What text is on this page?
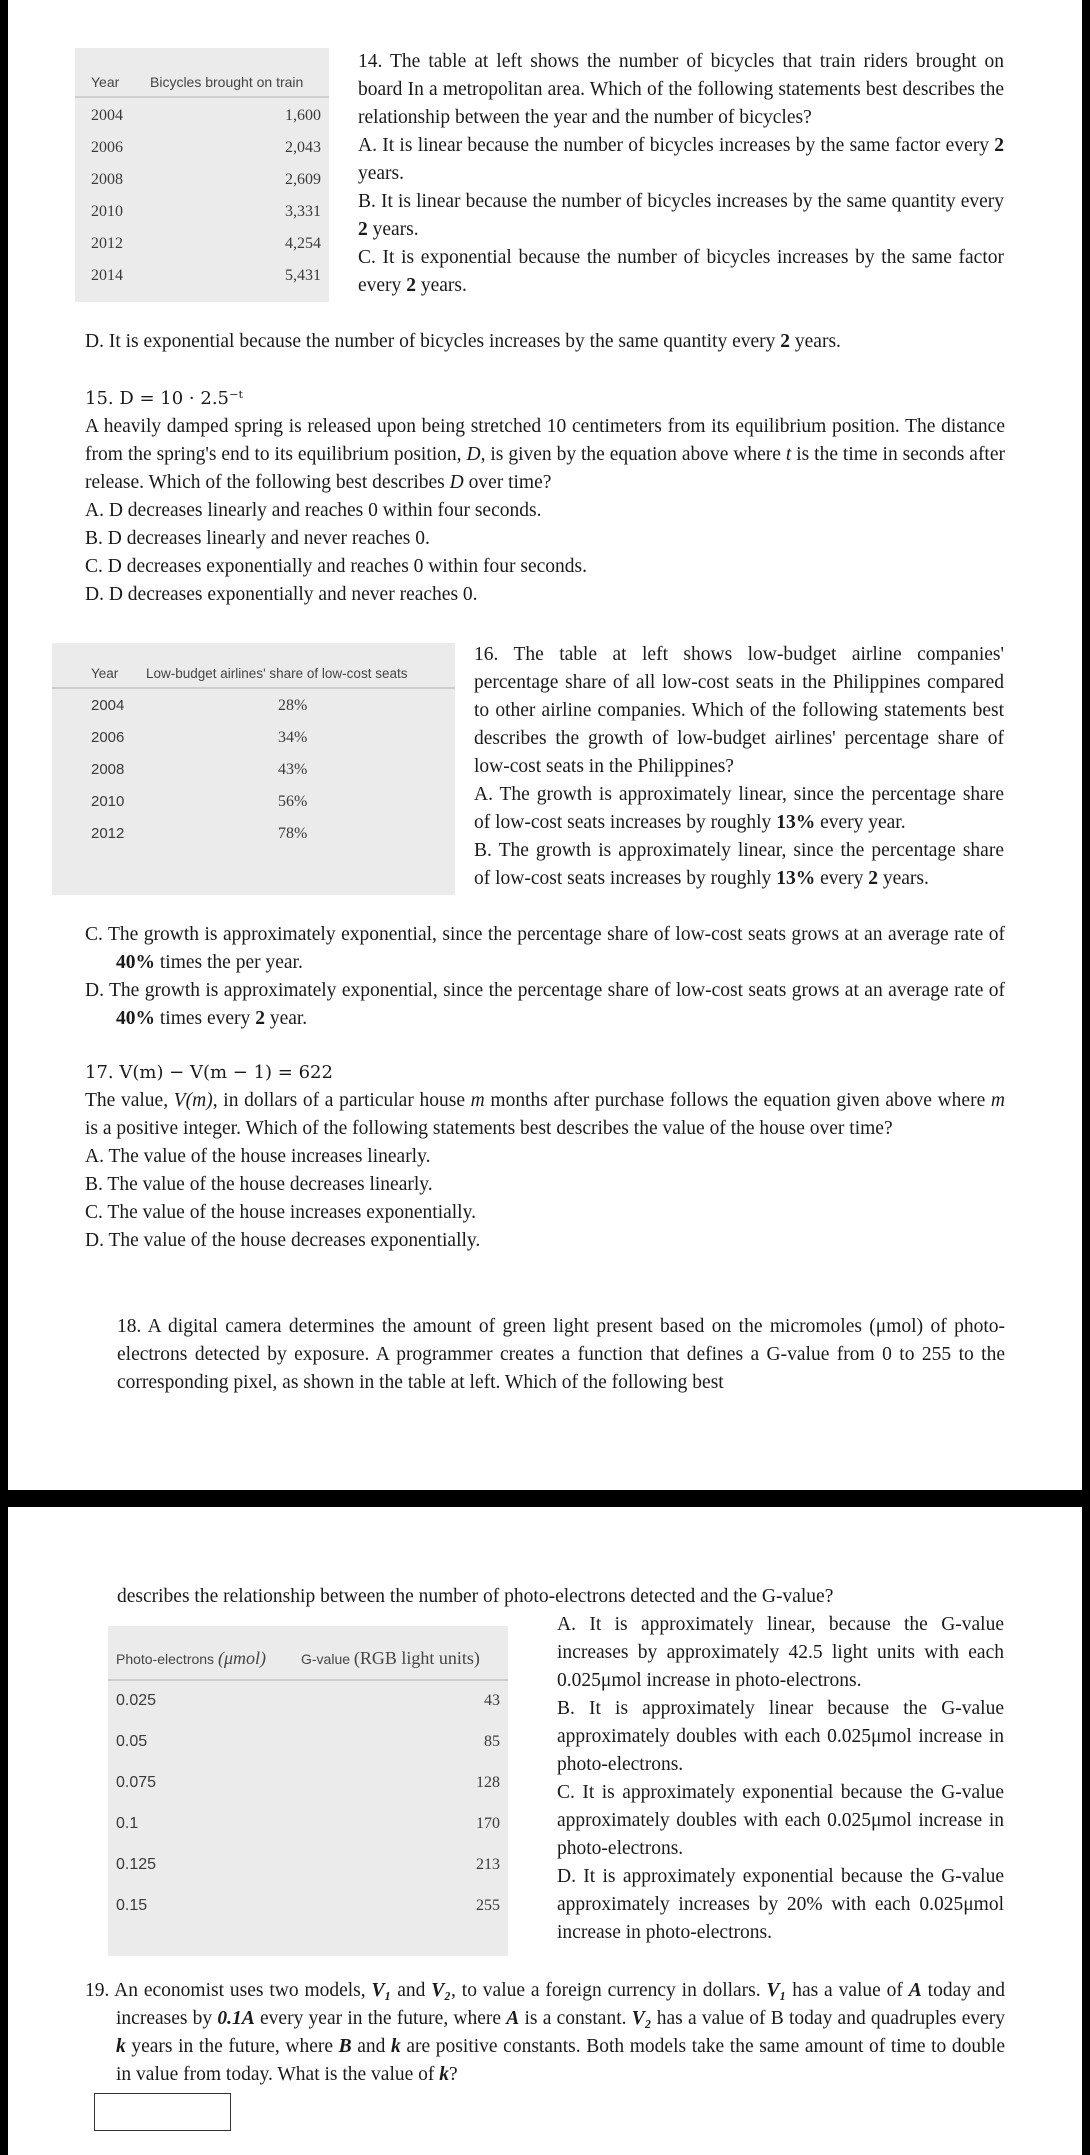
Year Bicycles brought on train
2004	1,600
2006	2,043
2008	2,609
2010	3,331
2012	4,254
2014	5,431

14. The table at left shows the number of bicycles that train riders brought on board In a metropolitan area. Which of the following statements best describes the relationship between the year and the number of bicycles?

A. It is linear because the number of bicycles increases by the same factor every 2 years.

B. It is linear because the number of bicycles increases by the same quantity every 2 years.

C. It is exponential because the number of bicycles increases by the same factor every 2 years.

D. It is exponential because the number of bicycles increases by the same quantity every 2 years.

15. D = 10 · 2.5⁻ᵗ

A heavily damped spring is released upon being stretched 10 centimeters from its equilibrium position. The distance from the spring's end to its equilibrium position, D, is given by the equation above where t is the time in seconds after release. Which of the following best describes D over time?

A. D decreases linearly and reaches 0 within four seconds.

B. D decreases linearly and never reaches 0.

C. D decreases exponentially and reaches 0 within four seconds.

D. D decreases exponentially and never reaches 0.

Year Low-budget airlines' share of low-cost seats
2004	28%
2006	34%
2008	43%
2010	56%
2012	78%

16. The table at left shows low-budget airline companies' percentage share of all low-cost seats in the Philippines compared to other airline companies. Which of the following statements best describes the growth of low-budget airlines' percentage share of low-cost seats in the Philippines?

A. The growth is approximately linear, since the percentage share of low-cost seats increases by roughly 13% every year.

B. The growth is approximately linear, since the percentage share of low-cost seats increases by roughly 13% every 2 years.

C. The growth is approximately exponential, since the percentage share of low-cost seats grows at an average rate of 40% times the per year.

D. The growth is approximately exponential, since the percentage share of low-cost seats grows at an average rate of 40% times every 2 year.

17. V(m) − V(m − 1) = 622

The value, V(m), in dollars of a particular house m months after purchase follows the equation given above where m is a positive integer. Which of the following statements best describes the value of the house over time?

A. The value of the house increases linearly.

B. The value of the house decreases linearly.

C. The value of the house increases exponentially.

D. The value of the house decreases exponentially.

18. A digital camera determines the amount of green light present based on the micromoles (μmol) of photo-electrons detected by exposure. A programmer creates a function that defines a G-value from 0 to 255 to the corresponding pixel, as shown in the table at left. Which of the following best

describes the relationship between the number of photo-electrons detected and the G-value?

Photo-electrons (μmol)	G-value (RGB light units)
0.025	43
0.05	85
0.075	128
0.1	170
0.125	213
0.15	255

A. It is approximately linear, because the G-value increases by approximately 42.5 light units with each 0.025μmol increase in photo-electrons.

B. It is approximately linear because the G-value approximately doubles with each 0.025μmol increase in photo-electrons.

C. It is approximately exponential because the G-value approximately doubles with each 0.025μmol increase in photo-electrons.

D. It is approximately exponential because the G-value approximately increases by 20% with each 0.025μmol increase in photo-electrons.

19. An economist uses two models, V₁ and V₂, to value a foreign currency in dollars. V₁ has a value of A today and increases by 0.1A every year in the future, where A is a constant. V₂ has a value of B today and quadruples every k years in the future, where B and k are positive constants. Both models take the same amount of time to double in value from today. What is the value of k?
